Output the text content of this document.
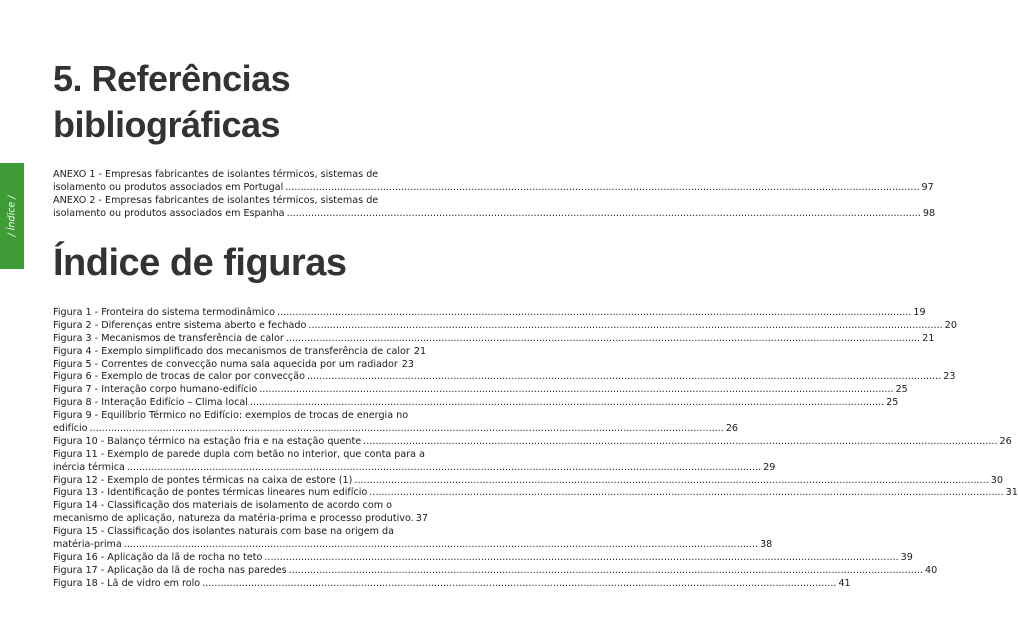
/ Índice /
5. Referências
bibliográficas
ANEXO 1 - Empresas fabricantes de isolantes térmicos, sistemas de
isolamento ou produtos associados em Portugal .....	97
ANEXO 2 - Empresas fabricantes de isolantes térmicos, sistemas de
isolamento ou produtos associados em Espanha .....	98
Índice de figuras
Figura 1 - Fronteira do sistema termodinâmico .....	19
Figura 2 - Diferenças entre sistema aberto e fechado .....	20
Figura 3 - Mecanismos de transferência de calor .....	21
Figura 4 - Exemplo simplificado dos mecanismos de transferência de calor 21
Figura 5 - Correntes de convecção numa sala aquecida por um radiador 23
Figura 6 - Exemplo de trocas de calor por convecção .....	23
Figura 7 - Interação corpo humano-edifício .....	25
Figura 8 - Interação Edifício – Clima local .....	25
Figura 9 - Equilíbrio Térmico no Edifício: exemplos de trocas de energia no
edifício .....	26
Figura 10 - Balanço térmico na estação fria e na estação quente .....	26
Figura 11 - Exemplo de parede dupla com betão no interior, que conta para a
inércia térmica .....	29
Figura 12 - Exemplo de pontes térmicas na caixa de estore (1) .....	30
Figura 13 - Identificação de pontes térmicas lineares num edifício .....	31
Figura 14 - Classificação dos materiais de isolamento de acordo com o
mecanismo de aplicação, natureza da matéria-prima e processo produtivo. 37
Figura 15 - Classificação dos isolantes naturais com base na origem da
matéria-prima .....	38
Figura 16 - Aplicação da lã de rocha no teto .....	39
Figura 17 - Aplicação da lã de rocha nas paredes .....	40
Figura 18 - Lã de vidro em rolo .....	41
